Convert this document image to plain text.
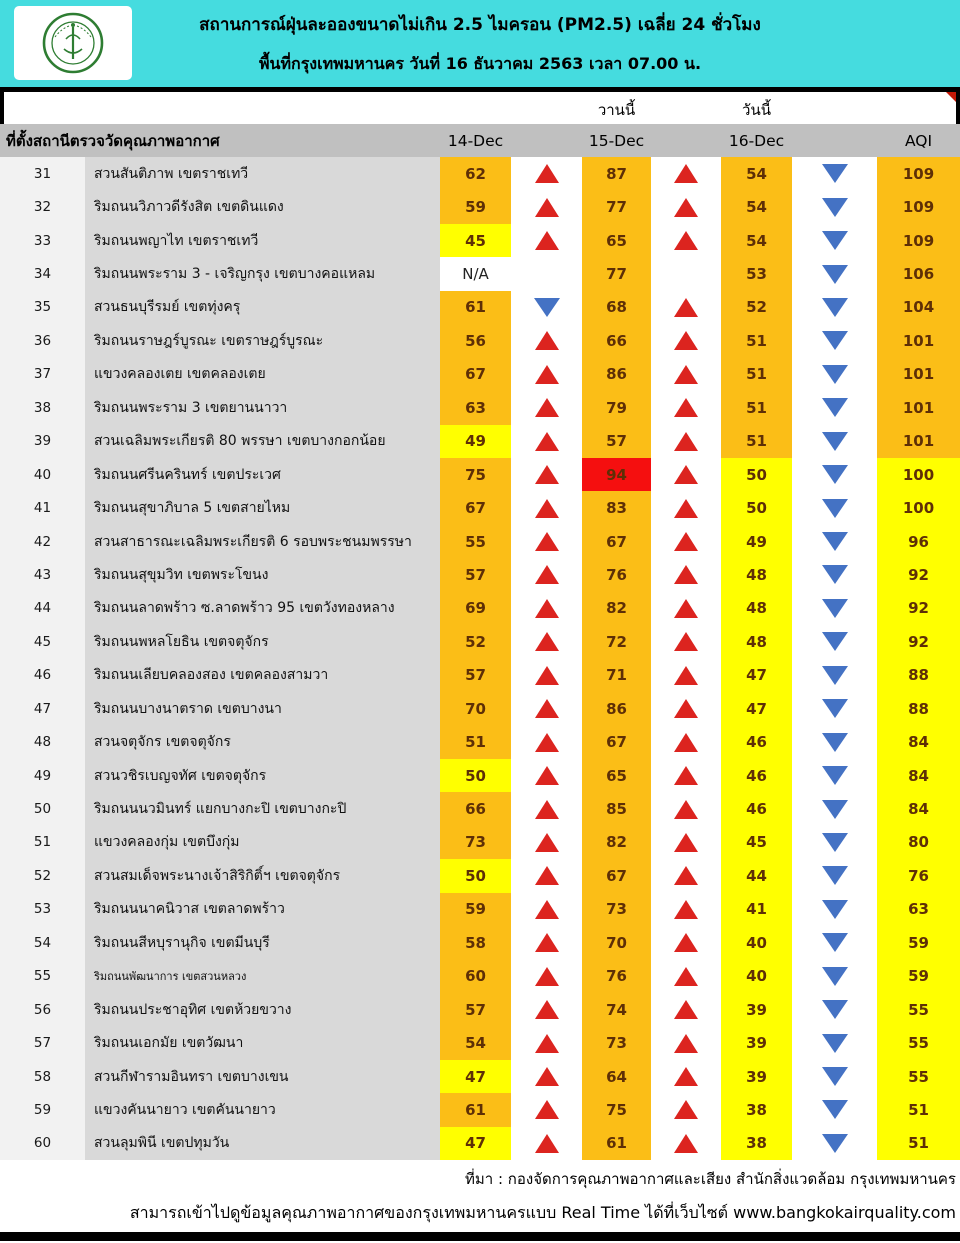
สถานการณ์ฝุ่นละอองขนาดไม่เกิน 2.5 ไมครอน (PM2.5) เฉลี่ย 24 ชั่วโมง
พื้นที่กรุงเทพมหานคร วันที่ 16 ธันวาคม 2563 เวลา 07.00 น.
วานนี้	วันนี้
ที่ตั้งสถานีตรวจวัดคุณภาพอากาศ	14-Dec	15-Dec	16-Dec	AQI
31	สวนสันติภาพ เขตราชเทวี	62	87	54	109
32	ริมถนนวิภาวดีรังสิต เขตดินแดง	59	77	54	109
33	ริมถนนพญาไท เขตราชเทวี	45	65	54	109
34	ริมถนนพระราม 3 - เจริญกรุง เขตบางคอแหลม	N/A	77	53	106
35	สวนธนบุรีรมย์ เขตทุ่งครุ	61	68	52	104
36	ริมถนนราษฎร์บูรณะ เขตราษฎร์บูรณะ	56	66	51	101
37	แขวงคลองเตย เขตคลองเตย	67	86	51	101
38	ริมถนนพระราม 3 เขตยานนาวา	63	79	51	101
39	สวนเฉลิมพระเกียรติ 80 พรรษา เขตบางกอกน้อย	49	57	51	101
40	ริมถนนศรีนครินทร์ เขตประเวศ	75	94	50	100
41	ริมถนนสุขาภิบาล 5 เขตสายไหม	67	83	50	100
42	สวนสาธารณะเฉลิมพระเกียรติ 6 รอบพระชนมพรรษา	55	67	49	96
43	ริมถนนสุขุมวิท เขตพระโขนง	57	76	48	92
44	ริมถนนลาดพร้าว ซ.ลาดพร้าว 95 เขตวังทองหลาง	69	82	48	92
45	ริมถนนพหลโยธิน เขตจตุจักร	52	72	48	92
46	ริมถนนเลียบคลองสอง เขตคลองสามวา	57	71	47	88
47	ริมถนนบางนาตราด เขตบางนา	70	86	47	88
48	สวนจตุจักร เขตจตุจักร	51	67	46	84
49	สวนวชิรเบญจทัศ เขตจตุจักร	50	65	46	84
50	ริมถนนนวมินทร์ แยกบางกะปิ เขตบางกะปิ	66	85	46	84
51	แขวงคลองกุ่ม เขตบึงกุ่ม	73	82	45	80
52	สวนสมเด็จพระนางเจ้าสิริกิติ์ฯ เขตจตุจักร	50	67	44	76
53	ริมถนนนาคนิวาส เขตลาดพร้าว	59	73	41	63
54	ริมถนนสีหบุรานุกิจ เขตมีนบุรี	58	70	40	59
55	ริมถนนพัฒนาการ เขตสวนหลวง	60	76	40	59
56	ริมถนนประชาอุทิศ เขตห้วยขวาง	57	74	39	55
57	ริมถนนเอกมัย เขตวัฒนา	54	73	39	55
58	สวนกีฬารามอินทรา เขตบางเขน	47	64	39	55
59	แขวงคันนายาว เขตคันนายาว	61	75	38	51
60	สวนลุมพินี เขตปทุมวัน	47	61	38	51
ที่มา : กองจัดการคุณภาพอากาศและเสียง สำนักสิ่งแวดล้อม กรุงเทพมหานคร
สามารถเข้าไปดูข้อมูลคุณภาพอากาศของกรุงเทพมหานครแบบ Real Time ได้ที่เว็บไซต์ www.bangkokairquality.com
